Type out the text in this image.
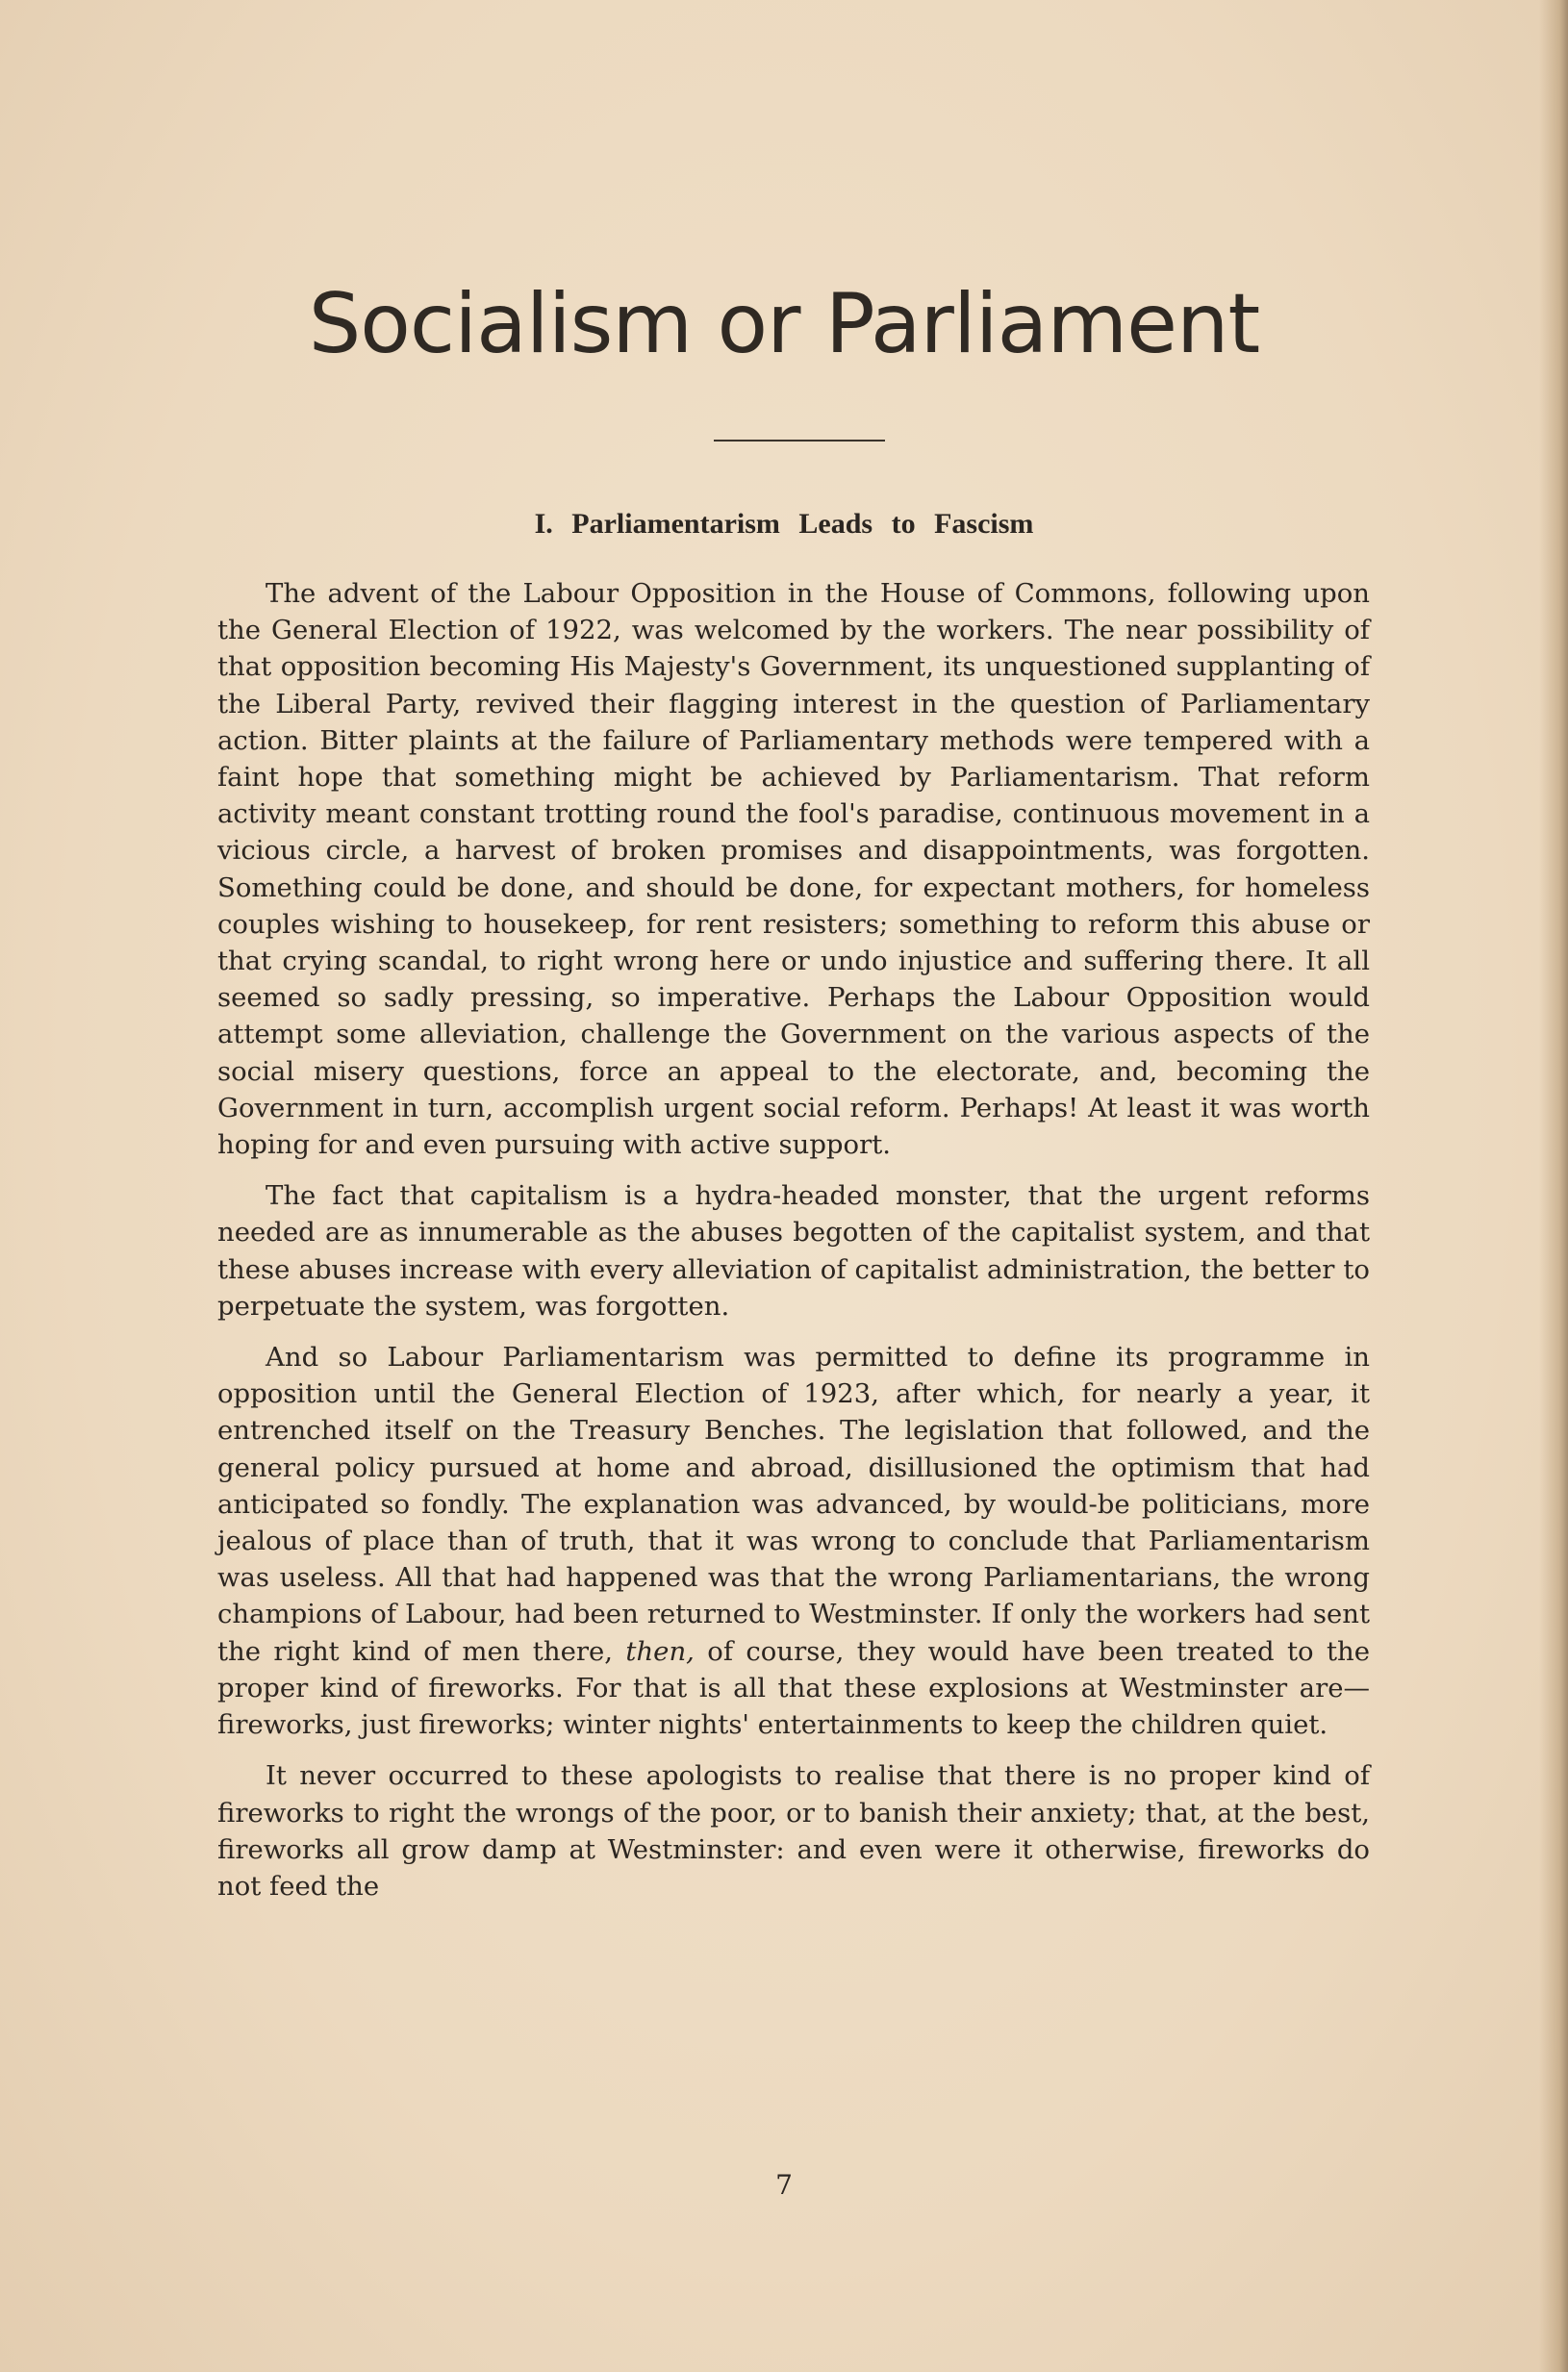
Socialism or Parliament
I. Parliamentarism Leads to Fascism

The advent of the Labour Opposition in the House of Commons, following upon the General Election of 1922, was welcomed by the workers. The near possibility of that opposition becoming His Majesty's Government, its unquestioned supplanting of the Liberal Party, revived their flagging interest in the question of Parliamentary action. Bitter plaints at the failure of Parliamentary methods were tempered with a faint hope that something might be achieved by Parliamentarism. That reform activity meant constant trotting round the fool's paradise, continuous movement in a vicious circle, a harvest of broken promises and disappointments, was forgotten. Something could be done, and should be done, for expectant mothers, for homeless couples wishing to housekeep, for rent resisters; something to reform this abuse or that crying scandal, to right wrong here or undo injustice and suffering there. It all seemed so sadly pressing, so imperative. Perhaps the Labour Opposition would attempt some alleviation, challenge the Government on the various aspects of the social misery questions, force an appeal to the electorate, and, becoming the Government in turn, accomplish urgent social reform. Perhaps! At least it was worth hoping for and even pursuing with active support.

The fact that capitalism is a hydra-headed monster, that the urgent reforms needed are as innumerable as the abuses begotten of the capitalist system, and that these abuses increase with every alleviation of capitalist administration, the better to perpetuate the system, was forgotten.

And so Labour Parliamentarism was permitted to define its programme in opposition until the General Election of 1923, after which, for nearly a year, it entrenched itself on the Treasury Benches. The legislation that followed, and the general policy pursued at home and abroad, disillusioned the optimism that had anticipated so fondly. The explanation was advanced, by would-be politicians, more jealous of place than of truth, that it was wrong to conclude that Parliamentarism was useless. All that had happened was that the wrong Parliamentarians, the wrong champions of Labour, had been returned to Westminster. If only the workers had sent the right kind of men there, then, of course, they would have been treated to the proper kind of fireworks. For that is all that these explosions at Westminster are—fireworks, just fireworks; winter nights' entertainments to keep the children quiet.

It never occurred to these apologists to realise that there is no proper kind of fireworks to right the wrongs of the poor, or to banish their anxiety; that, at the best, fireworks all grow damp at Westminster: and even were it otherwise, fireworks do not feed the

7
